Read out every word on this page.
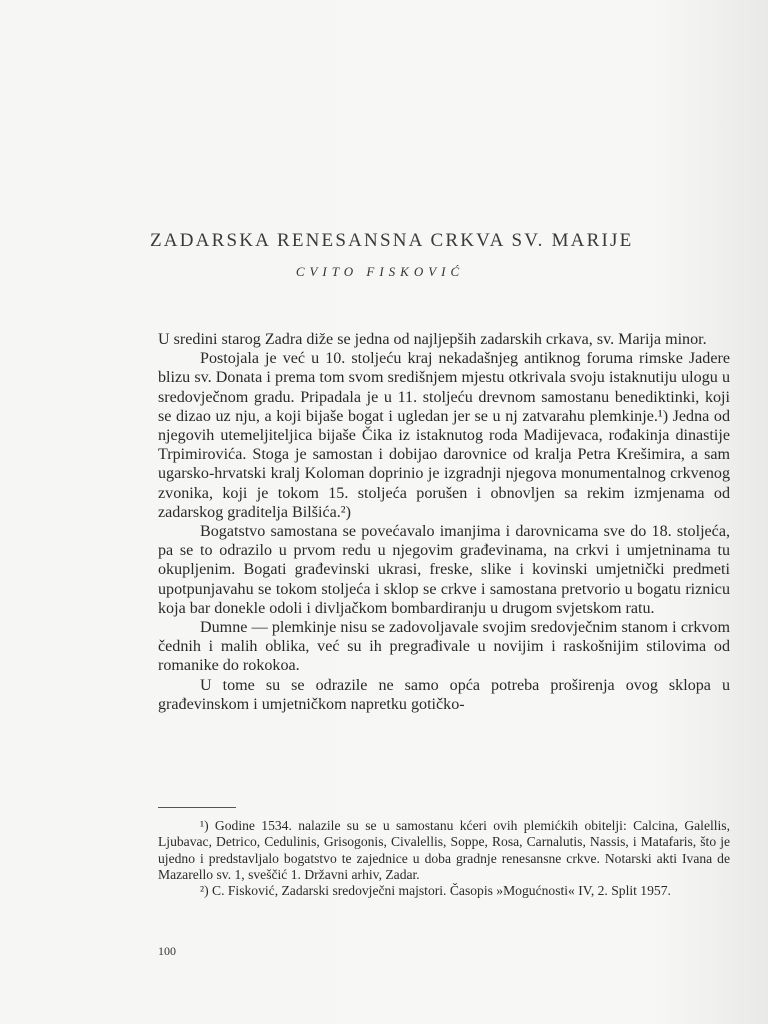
ZADARSKA RENESANSNA CRKVA SV. MARIJE
CVITO FISKOVIĆ

U sredini starog Zadra diže se jedna od najljepših zadarskih crkava, sv. Marija minor.

Postojala je već u 10. stoljeću kraj nekadašnjeg antiknog foruma rimske Jadere blizu sv. Donata i prema tom svom središnjem mjestu otkrivala svoju istaknutiju ulogu u sredovječnom gradu. Pripadala je u 11. stoljeću drevnom samostanu benediktinki, koji se dizao uz nju, a koji bijaše bogat i ugledan jer se u nj zatvarahu plemkinje.¹) Jedna od njegovih utemeljiteljica bijaše Čika iz istaknutog roda Madijevaca, rođakinja dinastije Trpimirovića. Stoga je samostan i dobijao darovnice od kralja Petra Krešimira, a sam ugarsko-hrvatski kralj Koloman doprinio je izgradnji njegova monumentalnog crkvenog zvonika, koji je tokom 15. stoljeća porušen i obnovljen sa rekim izmjenama od zadarskog graditelja Bilšića.²)

Bogatstvo samostana se povećavalo imanjima i darovnicama sve do 18. stoljeća, pa se to odrazilo u prvom redu u njegovim građevinama, na crkvi i umjetninama tu okupljenim. Bogati građevinski ukrasi, freske, slike i kovinski umjetnički predmeti upotpunjavahu se tokom stoljeća i sklop se crkve i samostana pretvorio u bogatu riznicu koja bar donekle odoli i divljačkom bombardiranju u drugom svjetskom ratu.

Dumne — plemkinje nisu se zadovoljavale svojim sredovječnim stanom i crkvom čednih i malih oblika, već su ih pregrađivale u novijim i raskošnijim stilovima od romanike do rokokoa.

U tome su se odrazile ne samo opća potreba proširenja ovog sklopa u građevinskom i umjetničkom napretku gotičko-

¹) Godine 1534. nalazile su se u samostanu kćeri ovih plemićkih obitelji: Calcina, Galellis, Ljubavac, Detrico, Cedulinis, Grisogonis, Civalellis, Soppe, Rosa, Carnalutis, Nassis, i Matafaris, što je ujedno i predstavljalo bogatstvo te zajednice u doba gradnje renesansne crkve. Notarski akti Ivana de Mazarello sv. 1, sveščić 1. Državni arhiv, Zadar.

²) C. Fisković, Zadarski sredovječni majstori. Časopis »Mogućnosti« IV, 2. Split 1957.

100
